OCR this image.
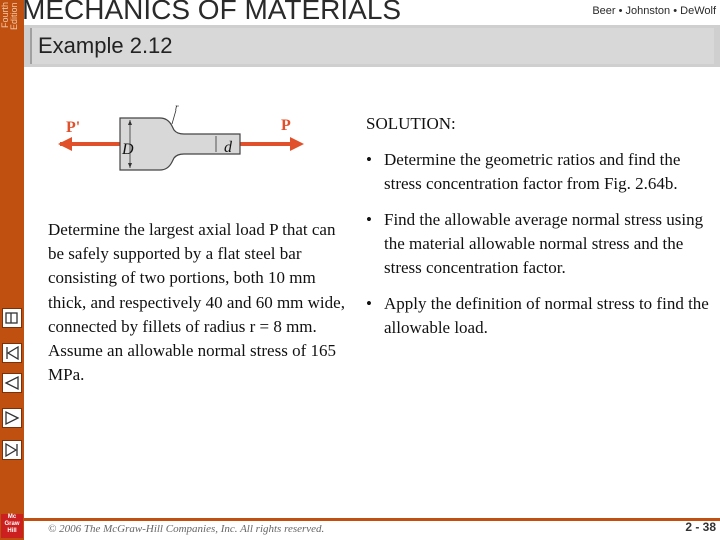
Fourth Edition
Mc Graw Hill
MECHANICS OF MATERIALS	Beer • Johnston • DeWolf
Example 2.12
r
P'	P
D	d
Determine the largest axial load P that can be safely supported by a flat steel bar consisting of two portions, both 10 mm thick, and respectively 40 and 60 mm wide, connected by fillets of radius r = 8 mm. Assume an allowable normal stress of 165 MPa.
SOLUTION:
• Determine the geometric ratios and find the stress concentration factor from Fig. 2.64b.
• Find the allowable average normal stress using the material allowable normal stress and the stress concentration factor.
• Apply the definition of normal stress to find the allowable load.
© 2006 The McGraw-Hill Companies, Inc. All rights reserved.	2 - 38
